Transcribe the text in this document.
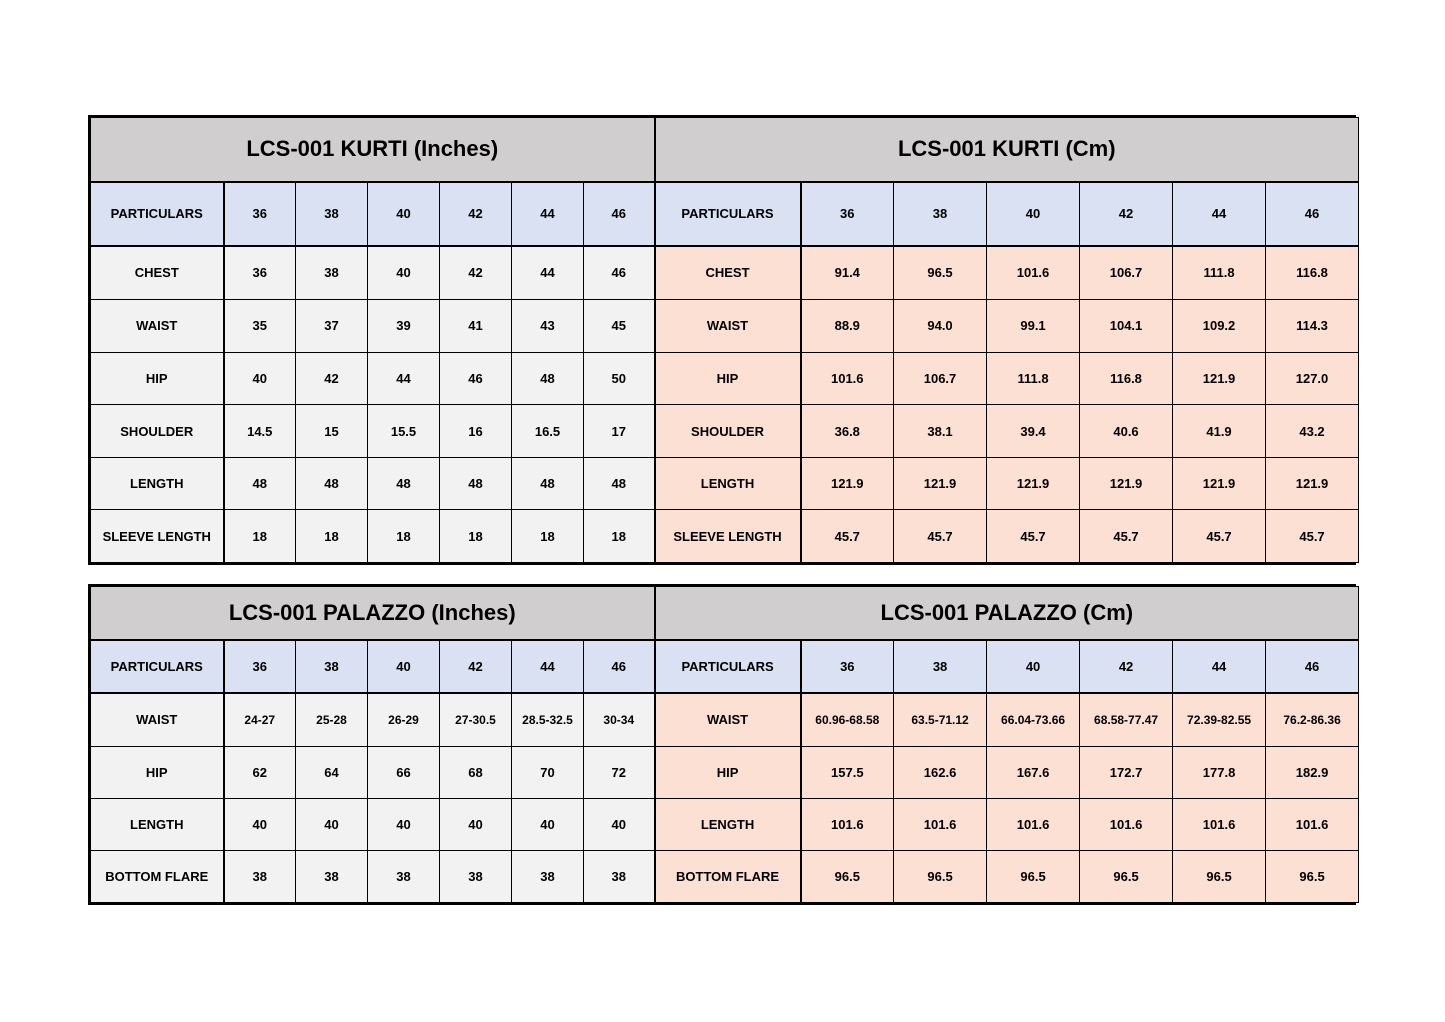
LCS-001 KURTI (Inches)							LCS-001 KURTI (Cm)						
PARTICULARS	36	38	40	42	44	46	PARTICULARS	36	38	40	42	44	46
CHEST	36	38	40	42	44	46	CHEST	91.4	96.5	101.6	106.7	111.8	116.8
WAIST	35	37	39	41	43	45	WAIST	88.9	94.0	99.1	104.1	109.2	114.3
HIP	40	42	44	46	48	50	HIP	101.6	106.7	111.8	116.8	121.9	127.0
SHOULDER	14.5	15	15.5	16	16.5	17	SHOULDER	36.8	38.1	39.4	40.6	41.9	43.2
LENGTH	48	48	48	48	48	48	LENGTH	121.9	121.9	121.9	121.9	121.9	121.9
SLEEVE LENGTH	18	18	18	18	18	18	SLEEVE LENGTH	45.7	45.7	45.7	45.7	45.7	45.7
LCS-001 PALAZZO (Inches)							LCS-001 PALAZZO (Cm)						
PARTICULARS	36	38	40	42	44	46	PARTICULARS	36	38	40	42	44	46
WAIST	24-27	25-28	26-29	27-30.5	28.5-32.5	30-34	WAIST	60.96-68.58	63.5-71.12	66.04-73.66	68.58-77.47	72.39-82.55	76.2-86.36
HIP	62	64	66	68	70	72	HIP	157.5	162.6	167.6	172.7	177.8	182.9
LENGTH	40	40	40	40	40	40	LENGTH	101.6	101.6	101.6	101.6	101.6	101.6
BOTTOM FLARE	38	38	38	38	38	38	BOTTOM FLARE	96.5	96.5	96.5	96.5	96.5	96.5
